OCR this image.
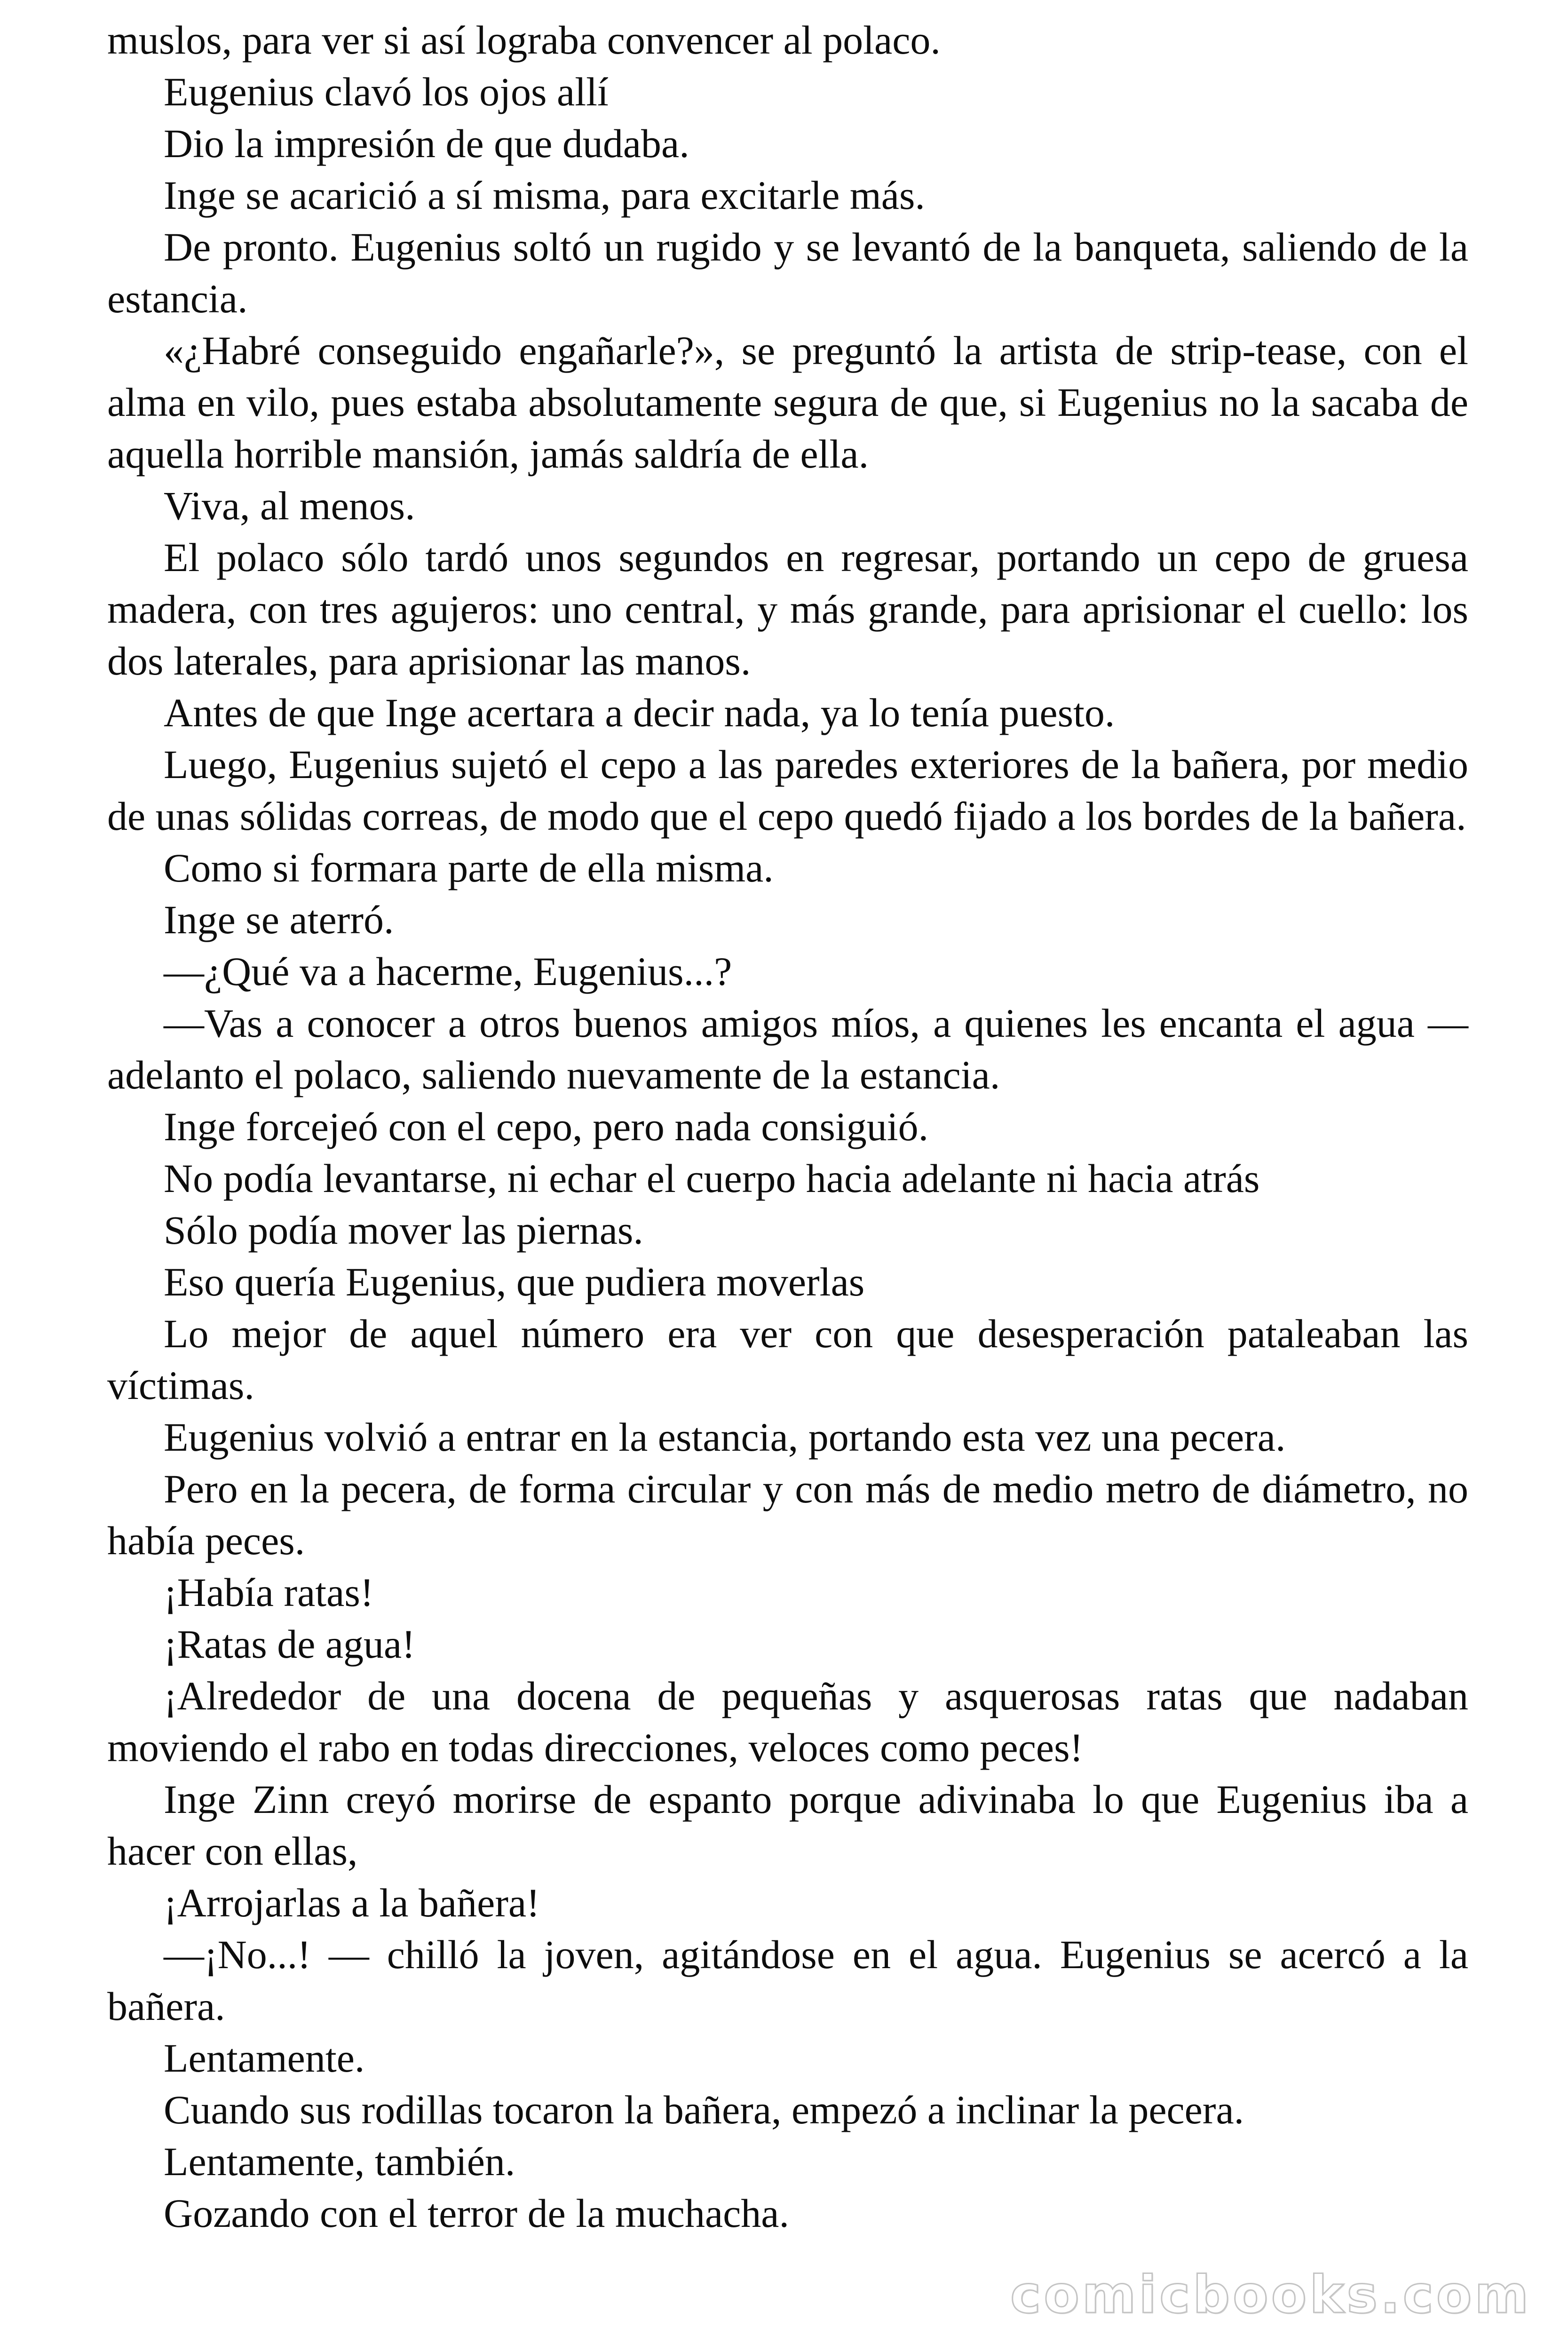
muslos, para ver si así lograba convencer al polaco.

Eugenius clavó los ojos allí

Dio la impresión de que dudaba.

Inge se acarició a sí misma, para excitarle más.

De pronto. Eugenius soltó un rugido y se levantó de la banqueta, saliendo de la estancia.

«¿Habré conseguido engañarle?», se preguntó la artista de strip-tease, con el alma en vilo, pues estaba absolutamente segura de que, si Eugenius no la sacaba de aquella horrible mansión, jamás saldría de ella.

Viva, al menos.

El polaco sólo tardó unos segundos en regresar, portando un cepo de gruesa madera, con tres agujeros: uno central, y más grande, para aprisionar el cuello: los dos laterales, para aprisionar las manos.

Antes de que Inge acertara a decir nada, ya lo tenía puesto.

Luego, Eugenius sujetó el cepo a las paredes exteriores de la bañera, por medio de unas sólidas correas, de modo que el cepo quedó fijado a los bordes de la bañera.

Como si formara parte de ella misma.

Inge se aterró.

—¿Qué va a hacerme, Eugenius...?

—Vas a conocer a otros buenos amigos míos, a quienes les encanta el agua — adelanto el polaco, saliendo nuevamente de la estancia.

Inge forcejeó con el cepo, pero nada consiguió.

No podía levantarse, ni echar el cuerpo hacia adelante ni hacia atrás

Sólo podía mover las piernas.

Eso quería Eugenius, que pudiera moverlas

Lo mejor de aquel número era ver con que desesperación pataleaban las víctimas.

Eugenius volvió a entrar en la estancia, portando esta vez una pecera.

Pero en la pecera, de forma circular y con más de medio metro de diámetro, no había peces.

¡Había ratas!

¡Ratas de agua!

¡Alrededor de una docena de pequeñas y asquerosas ratas que nadaban moviendo el rabo en todas direcciones, veloces como peces!

Inge Zinn creyó morirse de espanto porque adivinaba lo que Eugenius iba a hacer con ellas,

¡Arrojarlas a la bañera!

—¡No...! — chilló la joven, agitándose en el agua. Eugenius se acercó a la bañera.

Lentamente.

Cuando sus rodillas tocaron la bañera, empezó a inclinar la pecera.

Lentamente, también.

Gozando con el terror de la muchacha.

comicbooks.com
